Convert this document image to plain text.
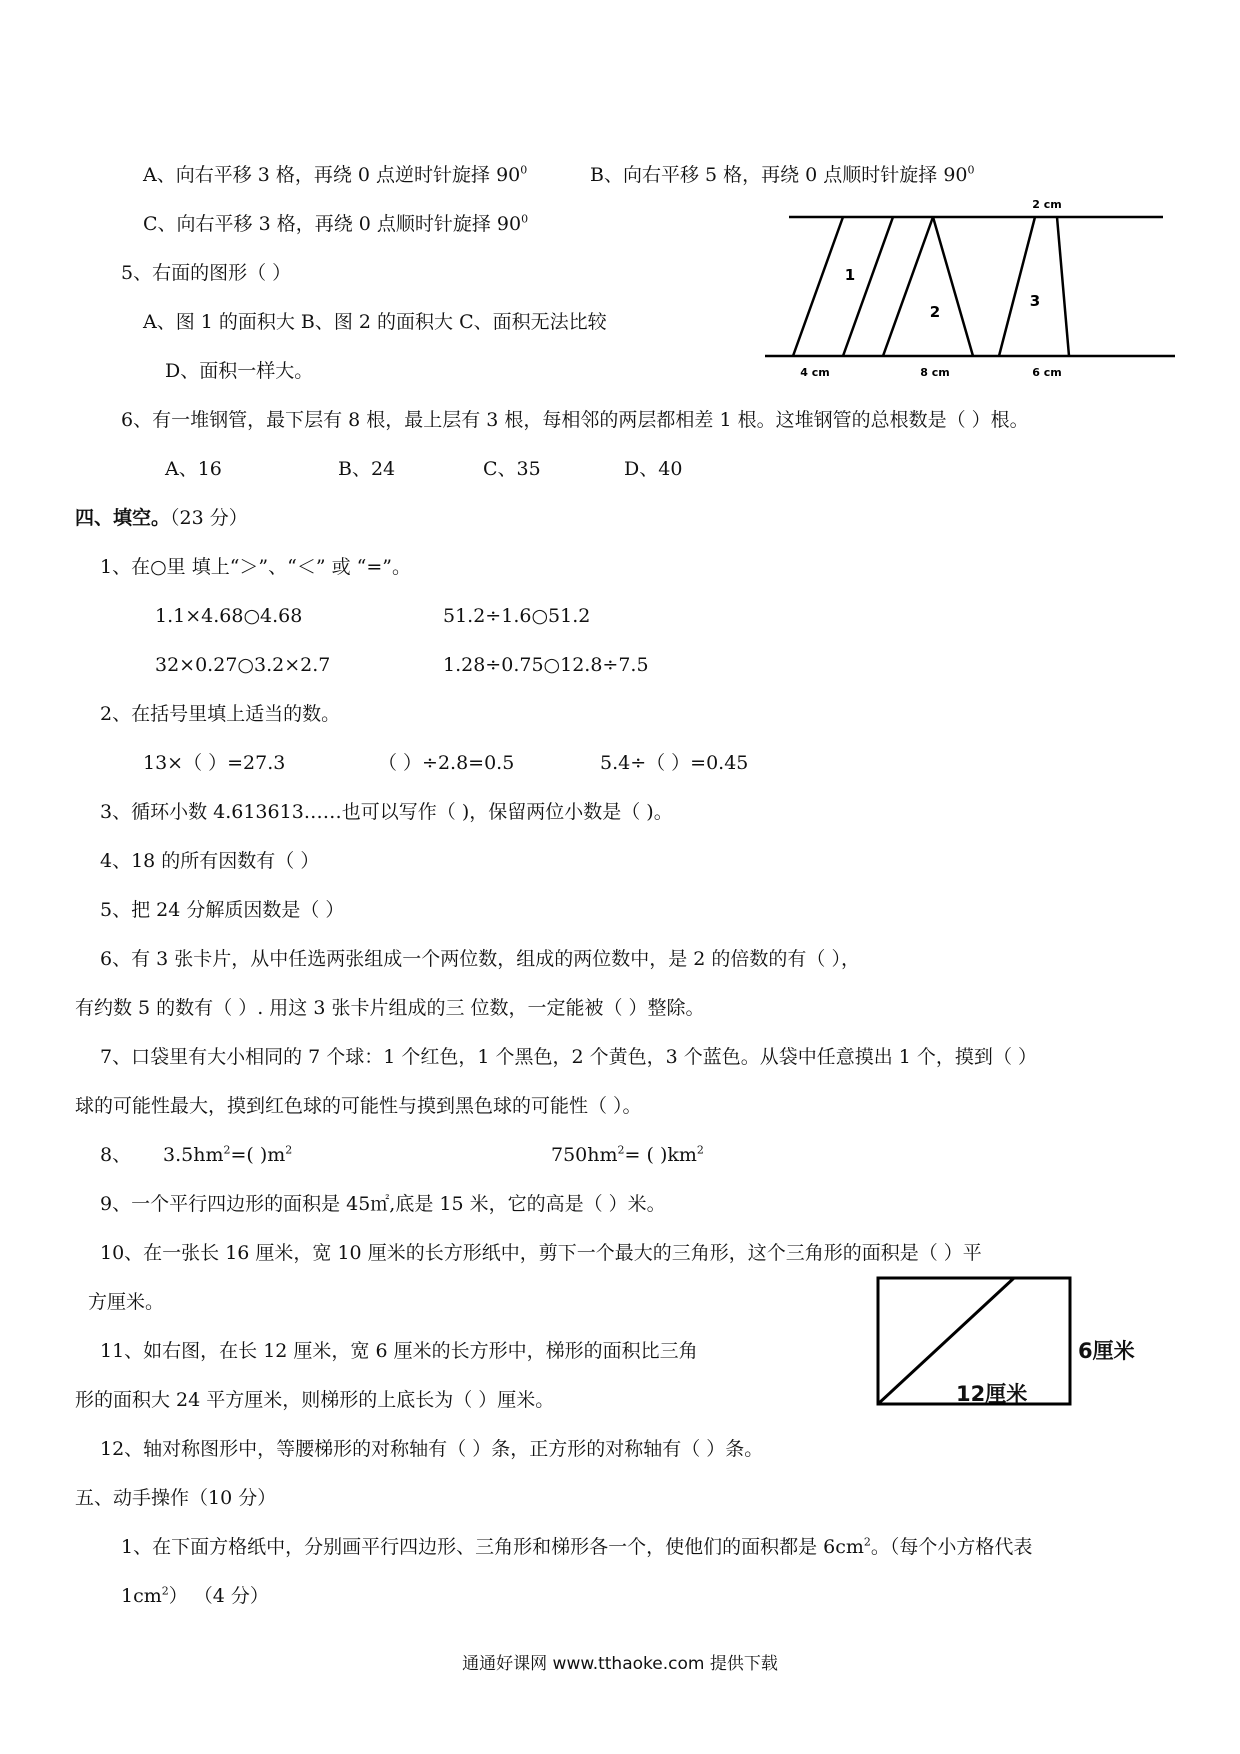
A、向右平移 3 格，再绕 0 点逆时针旋择 $90^0$	B、向右平移 5 格，再绕 0 点顺时针旋择 $90^0$
C、向右平移 3 格，再绕 0 点顺时针旋择 $90^0$
5、右面的图形（ ）
A、图 1 的面积大 B、图 2 的面积大 C、面积无法比较
D、面积一样大。
2 cm
1
2
3
4 cm	8 cm	6 cm
6、有一堆钢管，最下层有 8 根，最上层有 3 根，每相邻的两层都相差 1 根。这堆钢管的总根数是（ ）根。
A、16	B、24	C、35	D、40
四、填空。（23 分）
1、在○里 填上“＞”、“＜” 或 “=”。
1.1×4.68○4.68	51.2÷1.6○51.2
32×0.27○3.2×2.7	1.28÷0.75○12.8÷7.5
2、在括号里填上适当的数。
13×（ ）=27.3	（ ）÷2.8=0.5	5.4÷（ ）=0.45
3、循环小数 4.613613……也可以写作（ )，保留两位小数是（ )。
4、18 的所有因数有（ ）
5、把 24 分解质因数是（ ）
6、有 3 张卡片，从中任选两张组成一个两位数，组成的两位数中，是 2 的倍数的有（ ），
有约数 5 的数有（ ）. 用这 3 张卡片组成的三 位数，一定能被（ ）整除。
7、口袋里有大小相同的 7 个球：1 个红色，1 个黑色，2 个黄色，3 个蓝色。从袋中任意摸出 1 个，摸到（ ）
球的可能性最大，摸到红色球的可能性与摸到黑色球的可能性（ ）。
8、 $3.5hm^2=$( )$m^2$	$750hm^2=$ ( )$km^2$
9、一个平行四边形的面积是 45㎡,底是 15 米，它的高是（ ）米。
10、在一张长 16 厘米，宽 10 厘米的长方形纸中，剪下一个最大的三角形，这个三角形的面积是（ ）平
方厘米。
11、如右图，在长 12 厘米，宽 6 厘米的长方形中，梯形的面积比三角
形的面积大 24 平方厘米，则梯形的上底长为（ ）厘米。
12、轴对称图形中，等腰梯形的对称轴有（ ）条，正方形的对称轴有（ ）条。
6厘米
12厘米
五、动手操作（10 分）
1、在下面方格纸中，分别画平行四边形、三角形和梯形各一个，使他们的面积都是 $6cm^2$。（每个小方格代表
$1cm^2$） （4 分）
通通好课网 www.tthaoke.com 提供下载
